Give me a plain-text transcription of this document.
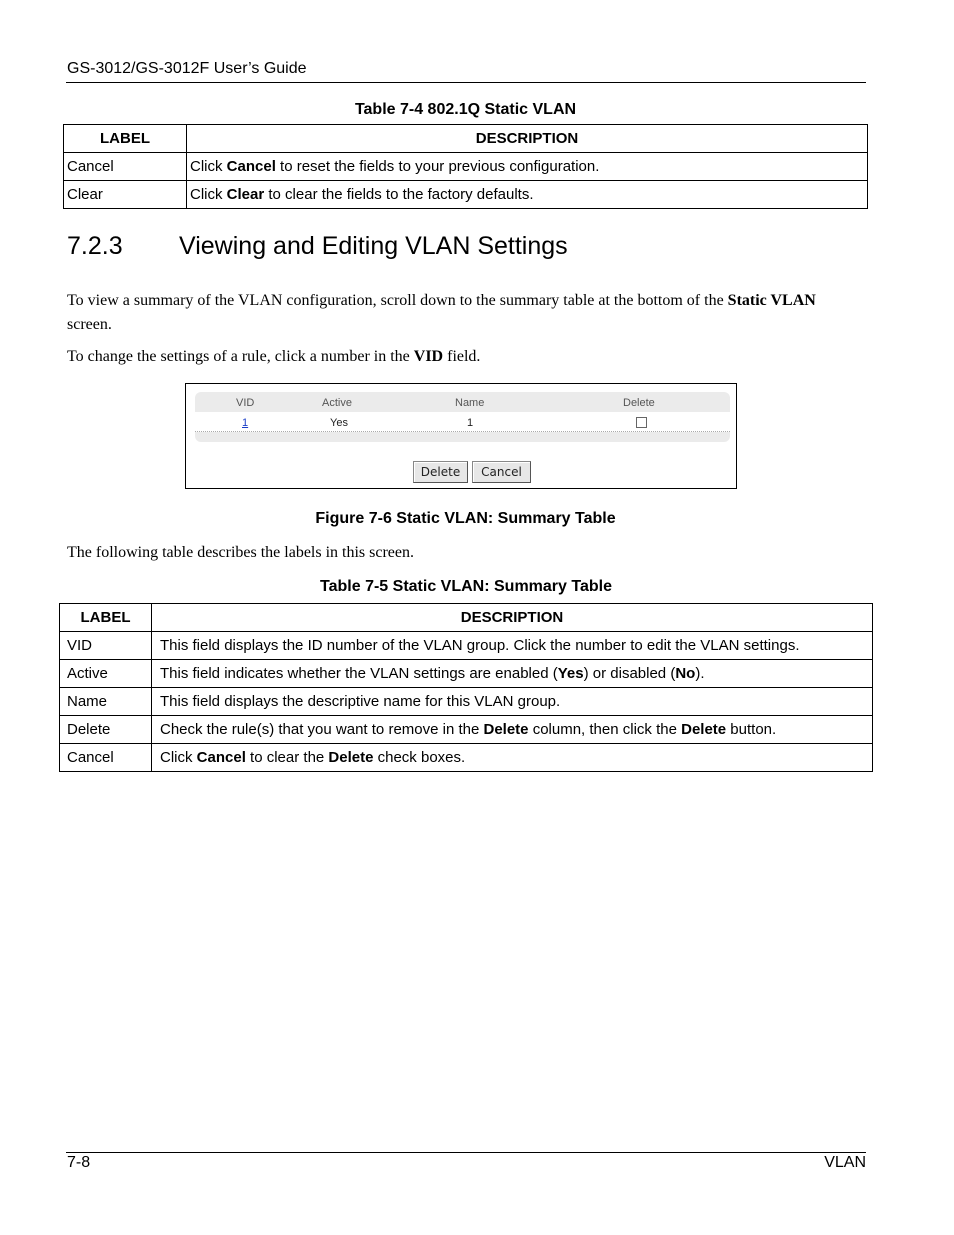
GS-3012/GS-3012F User’s Guide
Table 7-4 802.1Q Static VLAN
LABEL	DESCRIPTION
Cancel	Click Cancel to reset the fields to your previous configuration.
Clear	Click Clear to clear the fields to the factory defaults.
7.2.3 Viewing and Editing VLAN Settings
To view a summary of the VLAN configuration, scroll down to the summary table at the bottom of the Static VLAN screen.
To change the settings of a rule, click a number in the VID field.
VID	Active	Name	Delete
1	Yes	1
Delete	Cancel
Figure 7-6 Static VLAN: Summary Table
The following table describes the labels in this screen.
Table 7-5 Static VLAN: Summary Table
LABEL	DESCRIPTION
VID	This field displays the ID number of the VLAN group. Click the number to edit the VLAN settings.
Active	This field indicates whether the VLAN settings are enabled (Yes) or disabled (No).
Name	This field displays the descriptive name for this VLAN group.
Delete	Check the rule(s) that you want to remove in the Delete column, then click the Delete button.
Cancel	Click Cancel to clear the Delete check boxes.
7-8	VLAN
